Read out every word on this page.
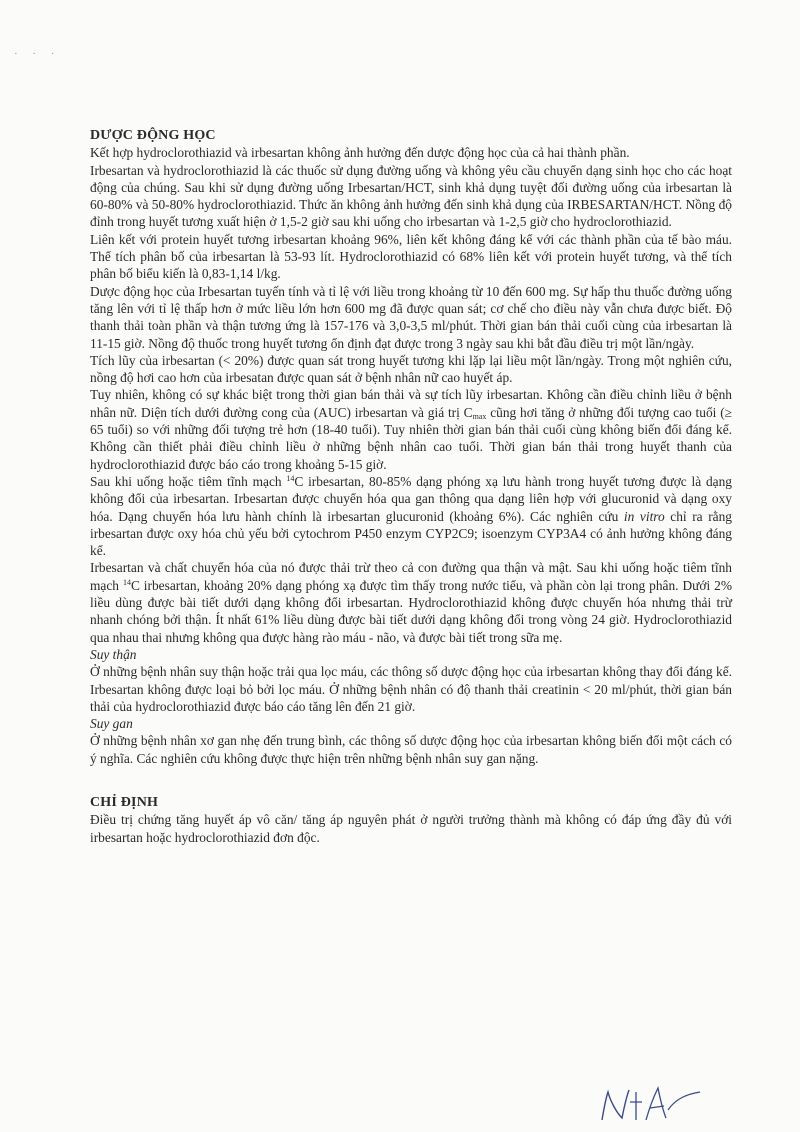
· · ·
DƯỢC ĐỘNG HỌC

Kết hợp hydroclorothiazid và irbesartan không ảnh hưởng đến dược động học của cả hai thành phần.

Irbesartan và hydroclorothiazid là các thuốc sử dụng đường uống và không yêu cầu chuyển dạng sinh học cho các hoạt động của chúng. Sau khi sử dụng đường uống Irbesartan/HCT, sinh khả dụng tuyệt đối đường uống của irbesartan là 60-80% và 50-80% hydroclorothiazid. Thức ăn không ảnh hưởng đến sinh khả dụng của IRBESARTAN/HCT. Nồng độ đỉnh trong huyết tương xuất hiện ở 1,5-2 giờ sau khi uống cho irbesartan và 1-2,5 giờ cho hydroclorothiazid.

Liên kết với protein huyết tương irbesartan khoảng 96%, liên kết không đáng kể với các thành phần của tế bào máu. Thể tích phân bố của irbesartan là 53-93 lít. Hydroclorothiazid có 68% liên kết với protein huyết tương, và thể tích phân bố biểu kiến là 0,83-1,14 l/kg.

Dược động học của Irbesartan tuyến tính và tỉ lệ với liều trong khoảng từ 10 đến 600 mg. Sự hấp thu thuốc đường uống tăng lên với tỉ lệ thấp hơn ở mức liều lớn hơn 600 mg đã được quan sát; cơ chế cho điều này vẫn chưa được biết. Độ thanh thải toàn phần và thận tương ứng là 157-176 và 3,0-3,5 ml/phút. Thời gian bán thải cuối cùng của irbesartan là 11-15 giờ. Nồng độ thuốc trong huyết tương ổn định đạt được trong 3 ngày sau khi bắt đầu điều trị một lần/ngày.

Tích lũy của irbesartan (< 20%) được quan sát trong huyết tương khi lặp lại liều một lần/ngày. Trong một nghiên cứu, nồng độ hơi cao hơn của irbesatan được quan sát ở bệnh nhân nữ cao huyết áp.

Tuy nhiên, không có sự khác biệt trong thời gian bán thải và sự tích lũy irbesartan. Không cần điều chỉnh liều ở bệnh nhân nữ. Diện tích dưới đường cong của (AUC) irbesartan và giá trị $C_{max}$ cũng hơi tăng ở những đối tượng cao tuổi (≥ 65 tuổi) so với những đối tượng trẻ hơn (18-40 tuổi). Tuy nhiên thời gian bán thải cuối cùng không biến đổi đáng kể. Không cần thiết phải điều chỉnh liều ở những bệnh nhân cao tuổi. Thời gian bán thải trong huyết thanh của hydroclorothiazid được báo cáo trong khoảng 5-15 giờ.

Sau khi uống hoặc tiêm tĩnh mạch $^{14}$C irbesartan, 80-85% dạng phóng xạ lưu hành trong huyết tương được là dạng không đổi của irbesartan. Irbesartan được chuyển hóa qua gan thông qua dạng liên hợp với glucuronid và dạng oxy hóa. Dạng chuyển hóa lưu hành chính là irbesartan glucuronid (khoảng 6%). Các nghiên cứu in vitro chỉ ra rằng irbesartan được oxy hóa chủ yếu bởi cytochrom P450 enzym CYP2C9; isoenzym CYP3A4 có ảnh hưởng không đáng kể.

Irbesartan và chất chuyển hóa của nó được thải trừ theo cả con đường qua thận và mật. Sau khi uống hoặc tiêm tĩnh mạch $^{14}$C irbesartan, khoảng 20% dạng phóng xạ được tìm thấy trong nước tiểu, và phần còn lại trong phân. Dưới 2% liều dùng được bài tiết dưới dạng không đổi irbesartan. Hydroclorothiazid không được chuyển hóa nhưng thải trừ nhanh chóng bởi thận. Ít nhất 61% liều dùng được bài tiết dưới dạng không đổi trong vòng 24 giờ. Hydroclorothiazid qua nhau thai nhưng không qua được hàng rào máu - não, và được bài tiết trong sữa mẹ.

Suy thận

Ở những bệnh nhân suy thận hoặc trải qua lọc máu, các thông số dược động học của irbesartan không thay đổi đáng kể. Irbesartan không được loại bỏ bởi lọc máu. Ở những bệnh nhân có độ thanh thải creatinin < 20 ml/phút, thời gian bán thải của hydroclorothiazid được báo cáo tăng lên đến 21 giờ.

Suy gan

Ở những bệnh nhân xơ gan nhẹ đến trung bình, các thông số dược động học của irbesartan không biến đổi một cách có ý nghĩa. Các nghiên cứu không được thực hiện trên những bệnh nhân suy gan nặng.

CHỈ ĐỊNH

Điều trị chứng tăng huyết áp vô căn/ tăng áp nguyên phát ở người trưởng thành mà không có đáp ứng đầy đủ với irbesartan hoặc hydroclorothiazid đơn độc.
